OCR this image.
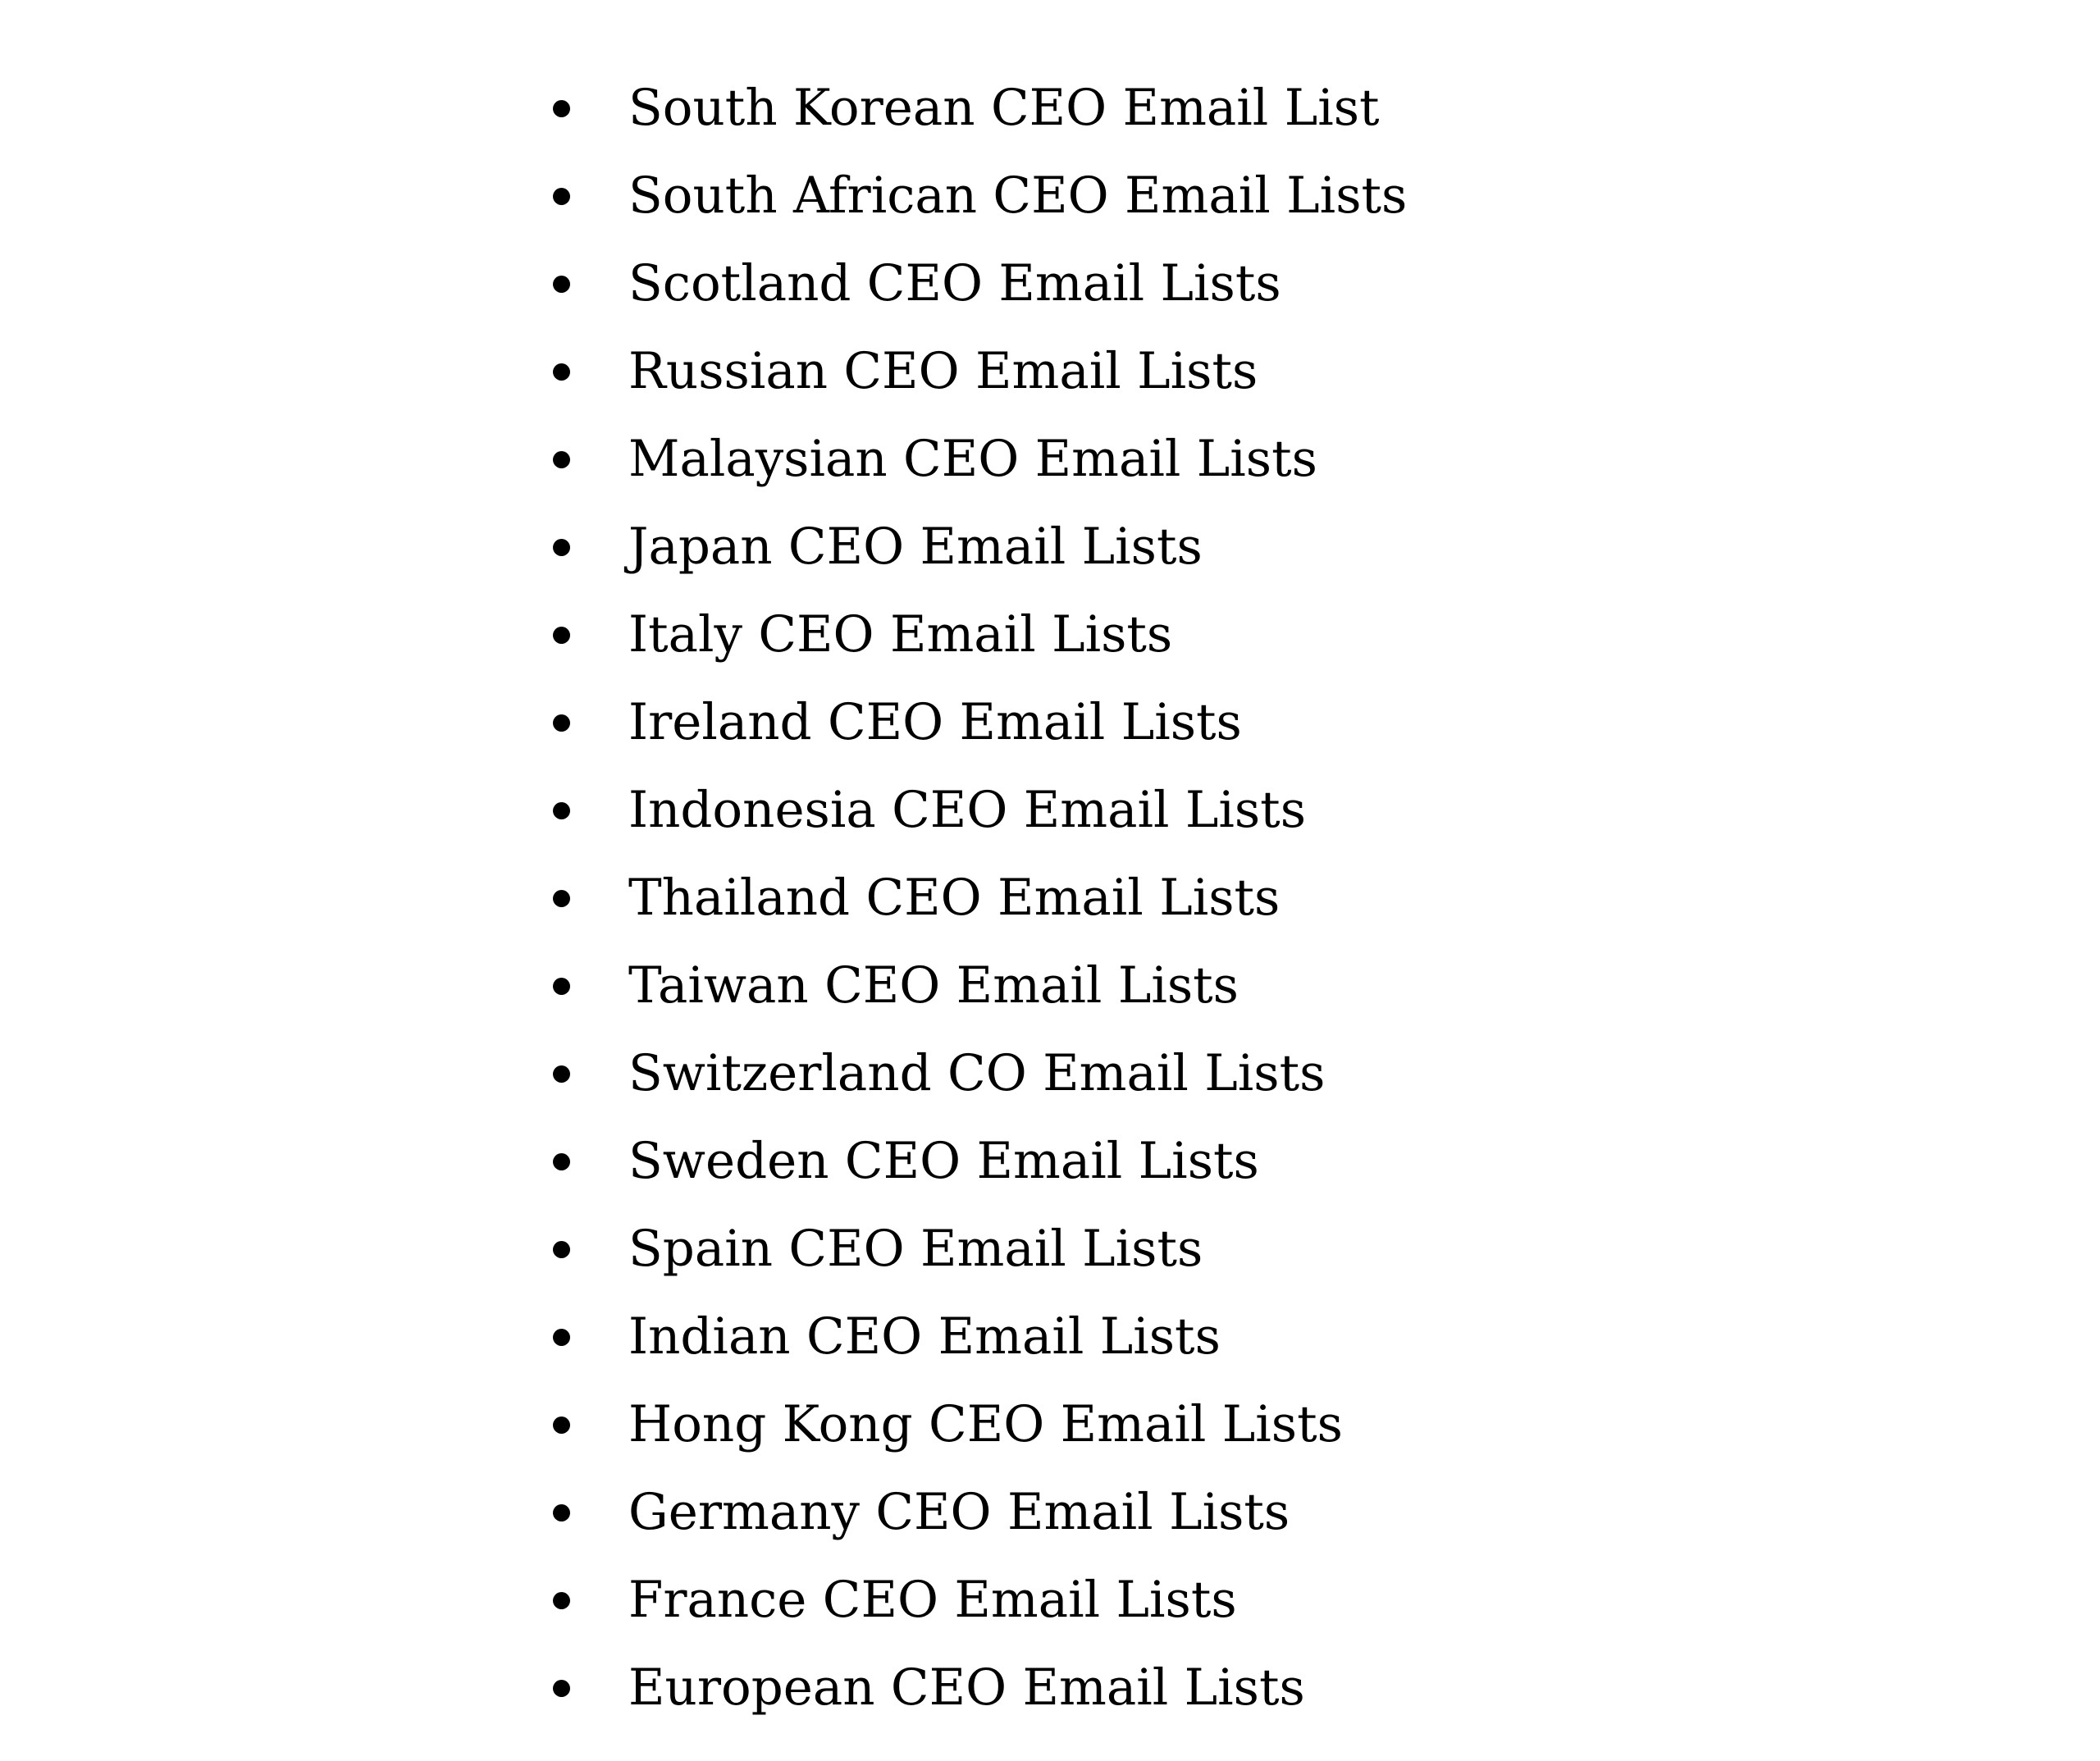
South Korean CEO Email List
South African CEO Email Lists
Scotland CEO Email Lists
Russian CEO Email Lists
Malaysian CEO Email Lists
Japan CEO Email Lists
Italy CEO Email Lists
Ireland CEO Email Lists
Indonesia CEO Email Lists
Thailand CEO Email Lists
Taiwan CEO Email Lists
Switzerland CO Email Lists
Sweden CEO Email Lists
Spain CEO Email Lists
Indian CEO Email Lists
Hong Kong CEO Email Lists
Germany CEO Email Lists
France CEO Email Lists
European CEO Email Lists
